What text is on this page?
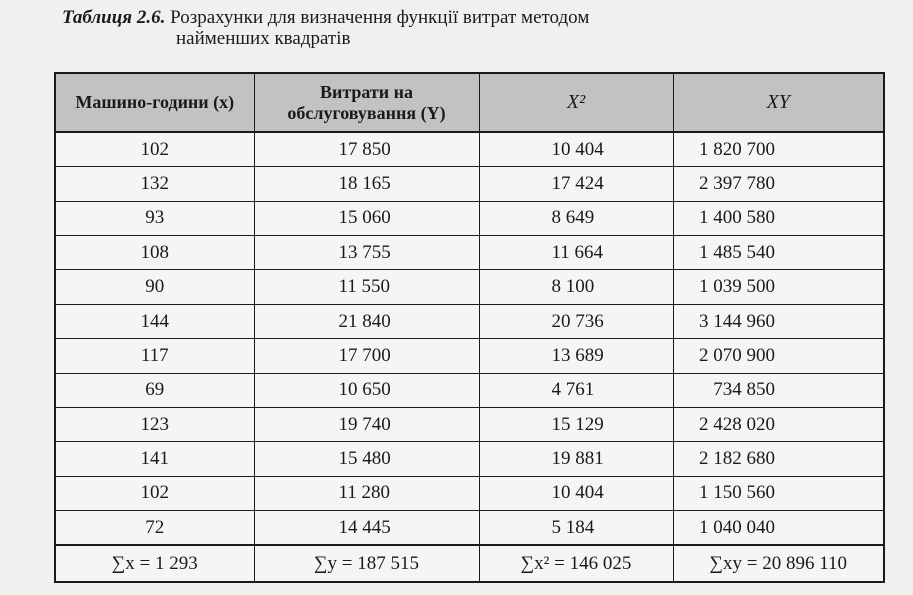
Таблиця 2.6. Розрахунки для визначення функції витрат методом
найменших квадратів
Машино-години (x)	Витрати на обслуговування (Y)	X²	XY
102	17 850	10 404	1 820 700
132	18 165	17 424	2 397 780
93	15 060	8 649	1 400 580
108	13 755	11 664	1 485 540
90	11 550	8 100	1 039 500
144	21 840	20 736	3 144 960
117	17 700	13 689	2 070 900
69	10 650	4 761	734 850
123	19 740	15 129	2 428 020
141	15 480	19 881	2 182 680
102	11 280	10 404	1 150 560
72	14 445	5 184	1 040 040
∑x = 1 293	∑y = 187 515	∑x² = 146 025	∑xy = 20 896 110
